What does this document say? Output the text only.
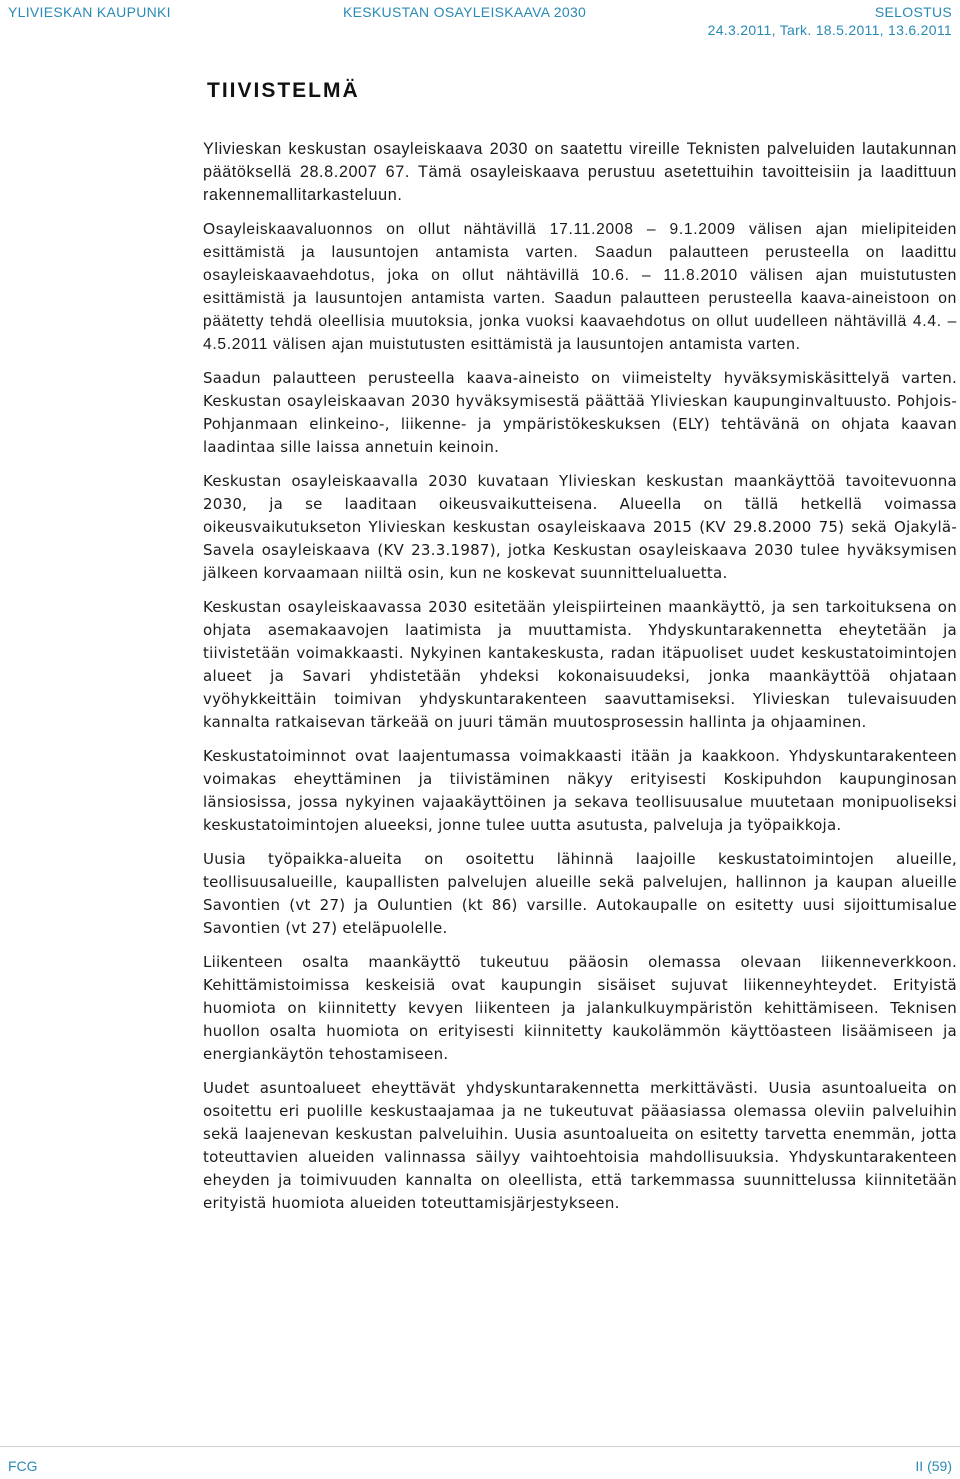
YLIVIESKAN KAUPUNKI	KESKUSTAN OSAYLEISKAAVA 2030	SELOSTUS
24.3.2011, Tark. 18.5.2011, 13.6.2011
TIIVISTELMÄ

Ylivieskan keskustan osayleiskaava 2030 on saatettu vireille Teknisten palveluiden lautakunnan päätöksellä 28.8.2007 67. Tämä osayleiskaava perustuu asetettuihin tavoitteisiin ja laadittuun rakennemallitarkasteluun.

Osayleiskaavaluonnos on ollut nähtävillä 17.11.2008 – 9.1.2009 välisen ajan mielipiteiden esittämistä ja lausuntojen antamista varten. Saadun palautteen perusteella on laadittu osayleiskaavaehdotus, joka on ollut nähtävillä 10.6. – 11.8.2010 välisen ajan muistutusten esittämistä ja lausuntojen antamista varten. Saadun palautteen perusteella kaava-aineistoon on päätetty tehdä oleellisia muutoksia, jonka vuoksi kaavaehdotus on ollut uudelleen nähtävillä 4.4. – 4.5.2011 välisen ajan muistutusten esittämistä ja lausuntojen antamista varten.

Saadun palautteen perusteella kaava-aineisto on viimeistelty hyväksymiskäsittelyä varten. Keskustan osayleiskaavan 2030 hyväksymisestä päättää Ylivieskan kaupunginvaltuusto. Pohjois-Pohjanmaan elinkeino-, liikenne- ja ympäristökeskuksen (ELY) tehtävänä on ohjata kaavan laadintaa sille laissa annetuin keinoin.

Keskustan osayleiskaavalla 2030 kuvataan Ylivieskan keskustan maankäyttöä tavoitevuonna 2030, ja se laaditaan oikeusvaikutteisena. Alueella on tällä hetkellä voimassa oikeusvaikutukseton Ylivieskan keskustan osayleiskaava 2015 (KV 29.8.2000 75) sekä Ojakylä-Savela osayleiskaava (KV 23.3.1987), jotka Keskustan osayleiskaava 2030 tulee hyväksymisen jälkeen korvaamaan niiltä osin, kun ne koskevat suunnittelualuetta.

Keskustan osayleiskaavassa 2030 esitetään yleispiirteinen maankäyttö, ja sen tarkoituksena on ohjata asemakaavojen laatimista ja muuttamista. Yhdyskuntarakennetta eheytetään ja tiivistetään voimakkaasti. Nykyinen kantakeskusta, radan itäpuoliset uudet keskustatoimintojen alueet ja Savari yhdistetään yhdeksi kokonaisuudeksi, jonka maankäyttöä ohjataan vyöhykkeittäin toimivan yhdyskuntarakenteen saavuttamiseksi. Ylivieskan tulevaisuuden kannalta ratkaisevan tärkeää on juuri tämän muutosprosessin hallinta ja ohjaaminen.

Keskustatoiminnot ovat laajentumassa voimakkaasti itään ja kaakkoon. Yhdyskuntarakenteen voimakas eheyttäminen ja tiivistäminen näkyy erityisesti Koskipuhdon kaupunginosan länsiosissa, jossa nykyinen vajaakäyttöinen ja sekava teollisuusalue muutetaan monipuoliseksi keskustatoimintojen alueeksi, jonne tulee uutta asutusta, palveluja ja työpaikkoja.

Uusia työpaikka-alueita on osoitettu lähinnä laajoille keskustatoimintojen alueille, teollisuusalueille, kaupallisten palvelujen alueille sekä palvelujen, hallinnon ja kaupan alueille Savontien (vt 27) ja Ouluntien (kt 86) varsille. Autokaupalle on esitetty uusi sijoittumisalue Savontien (vt 27) eteläpuolelle.

Liikenteen osalta maankäyttö tukeutuu pääosin olemassa olevaan liikenneverkkoon. Kehittämistoimissa keskeisiä ovat kaupungin sisäiset sujuvat liikenneyhteydet. Erityistä huomiota on kiinnitetty kevyen liikenteen ja jalankulkuympäristön kehittämiseen. Teknisen huollon osalta huomiota on erityisesti kiinnitetty kaukolämmön käyttöasteen lisäämiseen ja energiankäytön tehostamiseen.

Uudet asuntoalueet eheyttävät yhdyskuntarakennetta merkittävästi. Uusia asuntoalueita on osoitettu eri puolille keskustaajamaa ja ne tukeutuvat pääasiassa olemassa oleviin palveluihin sekä laajenevan keskustan palveluihin. Uusia asuntoalueita on esitetty tarvetta enemmän, jotta toteuttavien alueiden valinnassa säilyy vaihtoehtoisia mahdollisuuksia. Yhdyskuntarakenteen eheyden ja toimivuuden kannalta on oleellista, että tarkemmassa suunnittelussa kiinnitetään erityistä huomiota alueiden toteuttamisjärjestykseen.

FCG	II (59)
